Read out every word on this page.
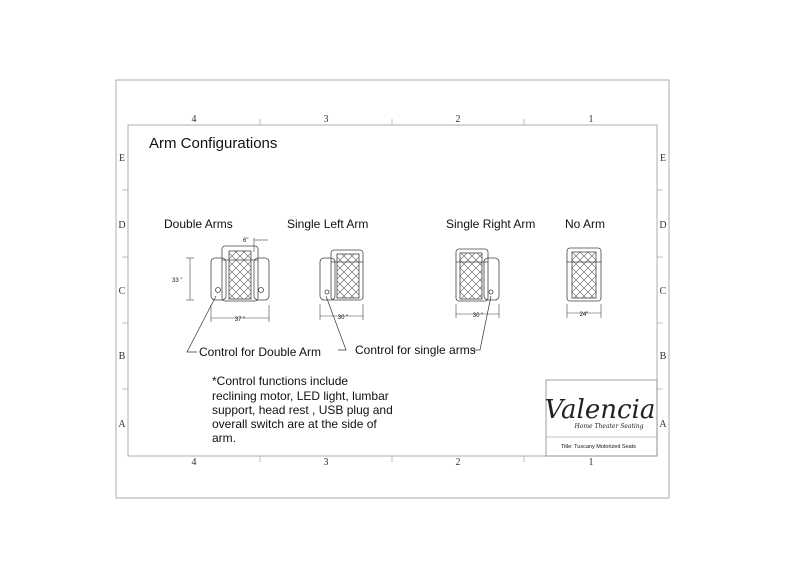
4	3	2	1
4	3	2	1
E
D
C
B
A
E
D
C
B
A
Arm Configurations
Double Arms	Single Left Arm	Single Right Arm No Arm
6"
33 "
37 "	30 "	30 "	24"
Control for Double Arm	Control for single arms
*Control functions include
reclining motor, LED light, lumbar
support, head rest , USB plug and
overall switch are at the side of
arm.
Valencia
Home Theater Seating
Title: Tuscany Motorized Seats
